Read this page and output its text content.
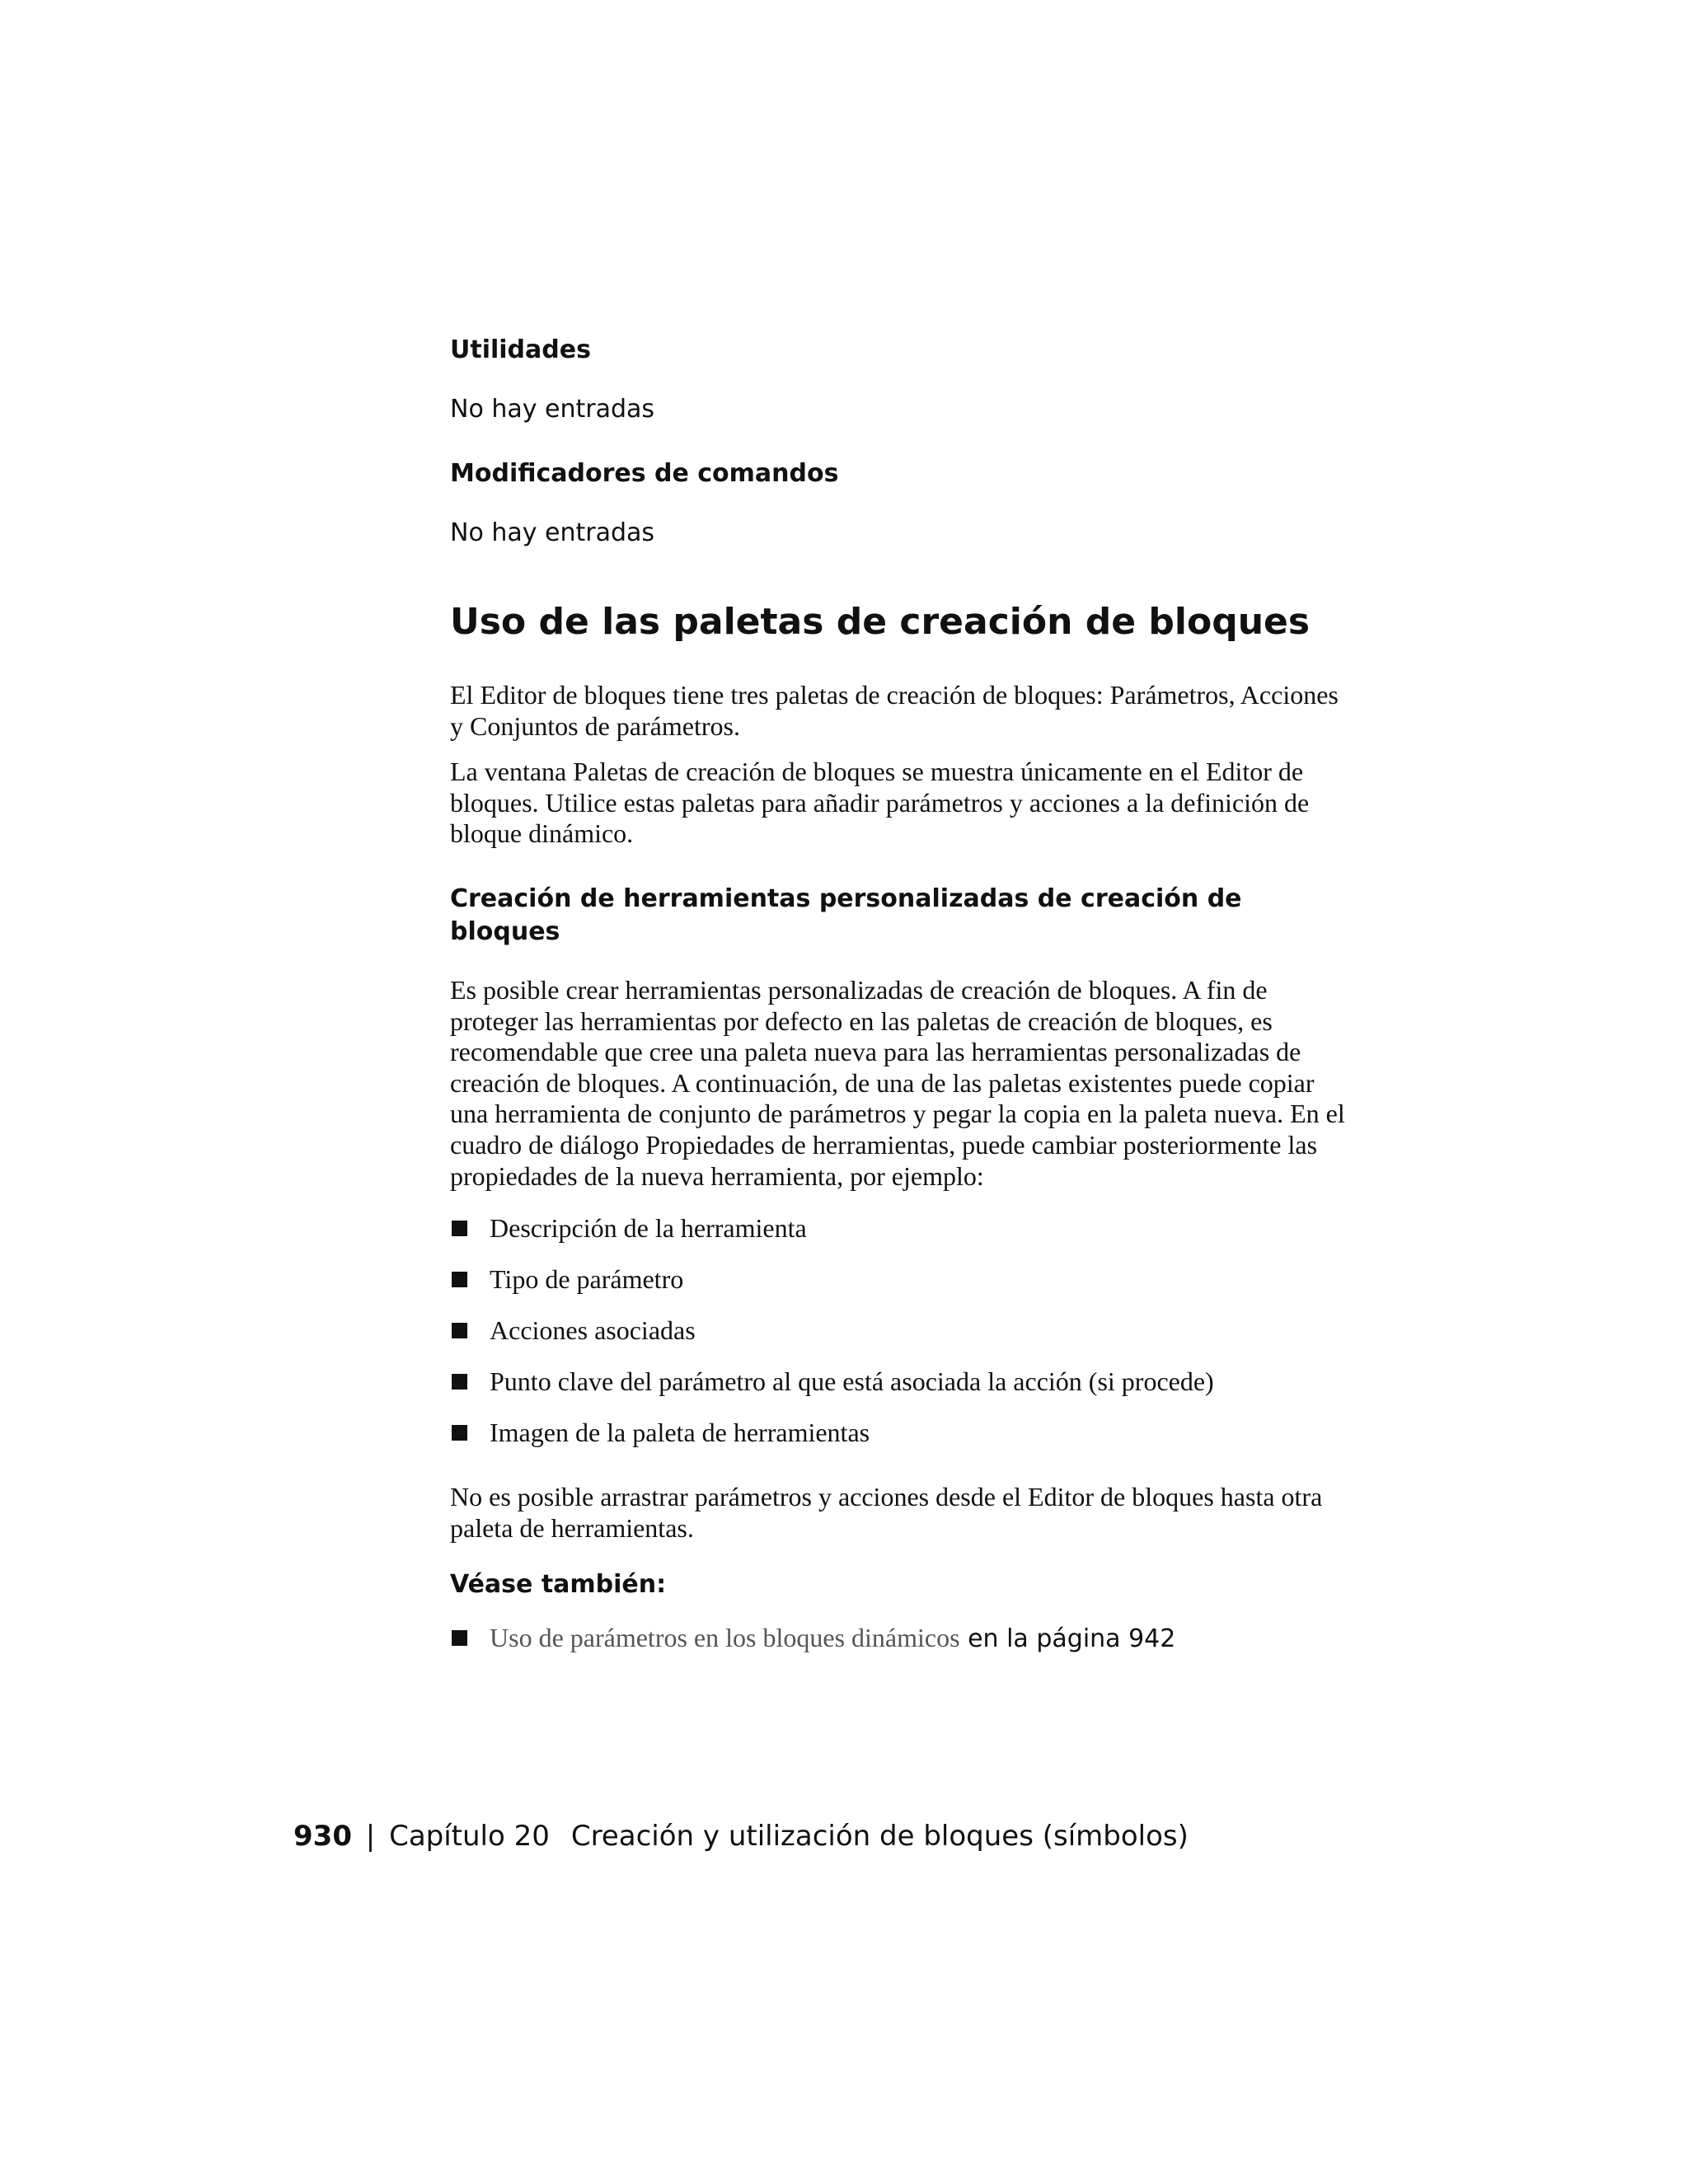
Utilidades

No hay entradas

Modificadores de comandos

No hay entradas

Uso de las paletas de creación de bloques

El Editor de bloques tiene tres paletas de creación de bloques: Parámetros, Acciones y Conjuntos de parámetros.

La ventana Paletas de creación de bloques se muestra únicamente en el Editor de bloques. Utilice estas paletas para añadir parámetros y acciones a la definición de bloque dinámico.

Creación de herramientas personalizadas de creación de bloques

Es posible crear herramientas personalizadas de creación de bloques. A fin de proteger las herramientas por defecto en las paletas de creación de bloques, es recomendable que cree una paleta nueva para las herramientas personalizadas de creación de bloques. A continuación, de una de las paletas existentes puede copiar una herramienta de conjunto de parámetros y pegar la copia en la paleta nueva. En el cuadro de diálogo Propiedades de herramientas, puede cambiar posteriormente las propiedades de la nueva herramienta, por ejemplo:

Descripción de la herramienta
Tipo de parámetro
Acciones asociadas
Punto clave del parámetro al que está asociada la acción (si procede)
Imagen de la paleta de herramientas

No es posible arrastrar parámetros y acciones desde el Editor de bloques hasta otra paleta de herramientas.

Véase también:
Uso de parámetros en los bloques dinámicos en la página 942
930 | Capítulo 20 Creación y utilización de bloques (símbolos)
